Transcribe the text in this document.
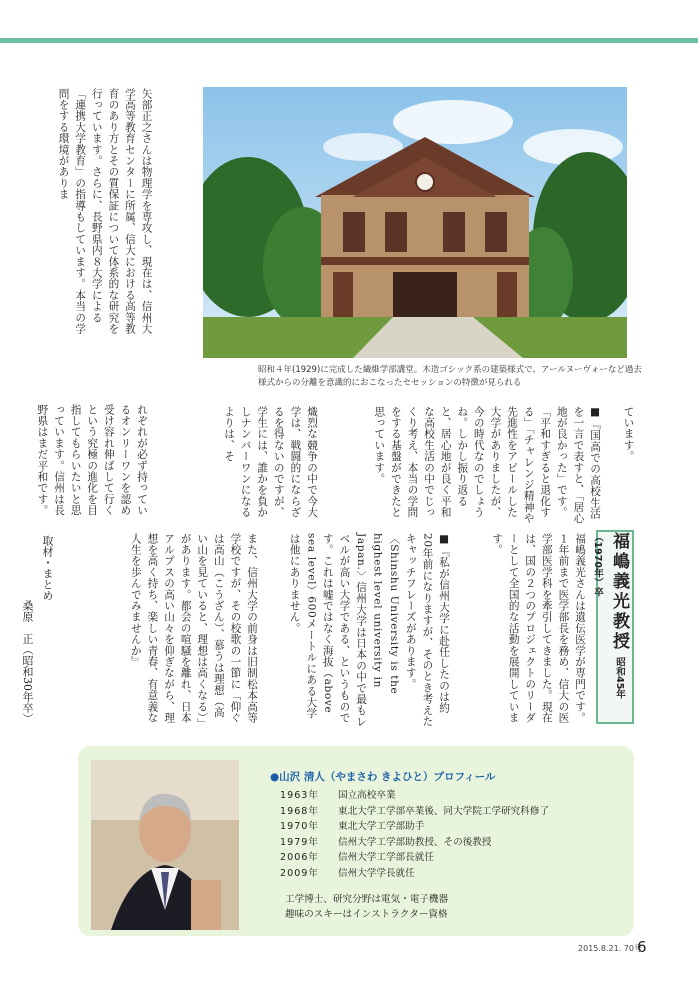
矢部正之さんは物理学を専攻し、現在は、信州大学高等教育センターに所属、信大における高等教育のあり方とその質保証について体系的な研究を行っています。さらに、長野県内８大学による「連携大学教育」の指導もしています。本当の学問をする環境がありま
昭和４年(1929)に完成した繊維学部講堂。木造ゴシック系の建築様式で、アールヌーヴォーなど過去様式からの分離を意識的におこなったセセッションの特徴が見られる
ています。
■『国高での高校生活を一言で表すと、「居心地が良かった」です。「平和すぎると退化する」「チャレンジ精神や先進性をアピールした大学がありましたが、今の時代なのでしょうね。しかし振り返ると、居心地が良く平和な高校生活の中でじっくり考え、本当の学問をする基盤ができたと思っています。
熾烈な競争の中で今大学は、戦闘的にならざるを得ないのですが、学生には、誰かを負かしナンバーワンになるよりは、そ
れぞれが必ず持っているオンリーワンを認め受け容れ伸ばして行くという究極の進化を目指してもらいたいと思っています。信州は長野県はまだ平和です。
福嶋義光教授 昭和45年（1970年）卒
福嶋義光さんは遺伝医学が専門です。１年前まで医学部長を務め、信大の医学部医学科を牽引してきました。現在は、国の２つのプロジェクトのリーダーとして全国的な活動を展開しています。
■『私が信州大学に赴任したのは約20年前になりますが、そのとき考えたキャッチフレーズがあります。〈Shinshu University is the highest level university in Japan.〉信州大学は日本の中で最もレベルが高い大学である、というものです。これは嘘ではなく海抜（above sea level）600メートルにある大学は他にありません。
また、信州大学の前身は旧制松本高等学校ですが、その校歌の一節に「仰ぐは高山（こうざん）、慕うは理想（高い山を見ていると、理想は高くなる）」があります。都会の喧騒を離れ、日本アルプスの高い山々を仰ぎながら、理想を高く持ち、楽しい青春、有意義な人生を歩んでみませんか』
取材・まとめ
桑原　正（昭和30年卒）
●山沢 清人（やまさわ きよひと）プロフィール
1963年	国立高校卒業
1968年	東北大学工学部卒業後、同大学院工学研究科修了
1970年	東北大学工学部助手
1979年	信州大学工学部助教授、その後教授
2006年	信州大学工学部長就任
2009年	信州大学学長就任
工学博士、研究分野は電気・電子機器
趣味のスキーはインストラクター資格
2015.8.21. 70号
6
